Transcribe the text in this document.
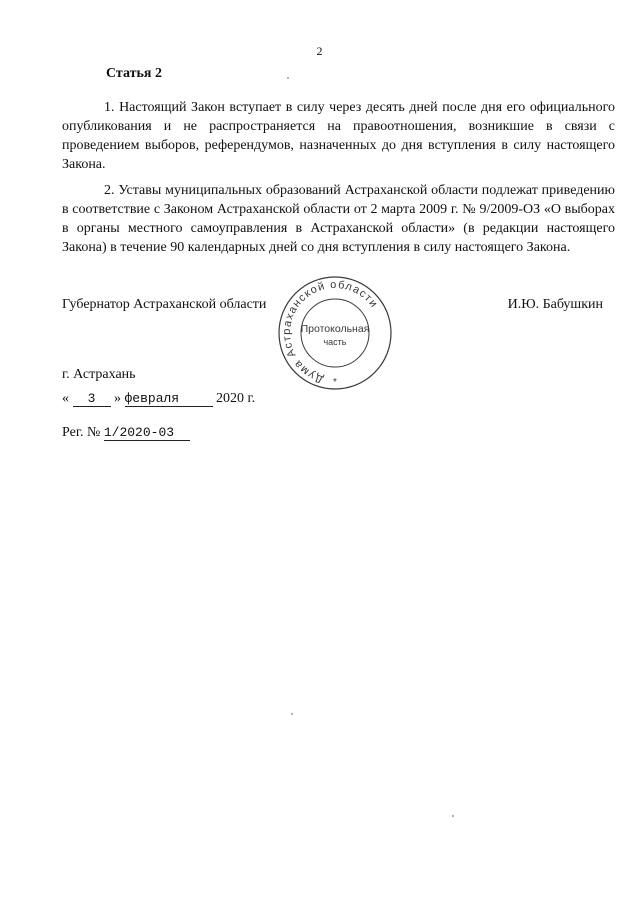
2
Статья 2

1. Настоящий Закон вступает в силу через десять дней после дня его официального опубликования и не распространяется на правоотношения, возникшие в связи с проведением выборов, референдумов, назначенных до дня вступления в силу настоящего Закона.

2. Уставы муниципальных образований Астраханской области подлежат приведению в соответствие с Законом Астраханской области от 2 марта 2009 г. № 9/2009-ОЗ «О выборах в органы местного самоуправления в Астраханской области» (в редакции настоящего Закона) в течение 90 календарных дней со дня вступления в силу настоящего Закона.

Губернатор Астраханской области	И.Ю. Бабушкин
Дума Астраханской области
Протокольная
часть
*
г. Астрахань
« 3 » февраля	2020 г.
Рег. № 1/2020-03
